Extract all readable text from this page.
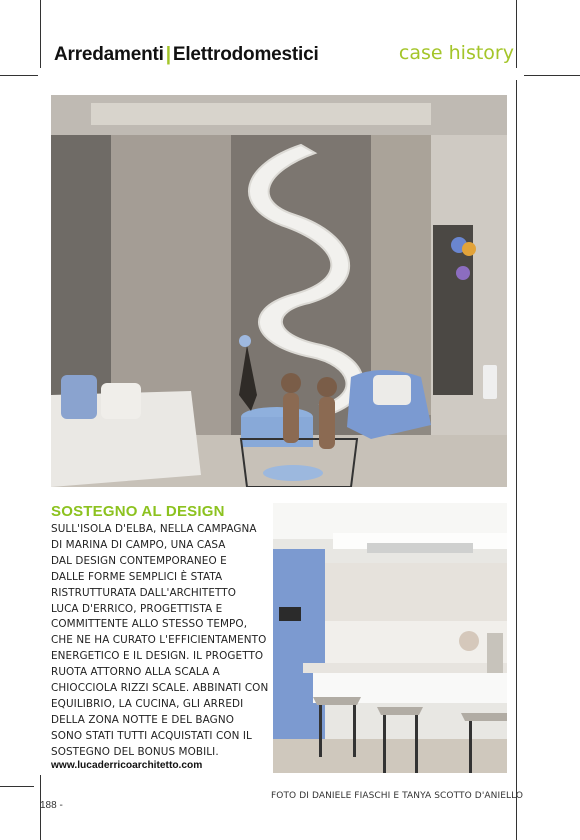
Arredamenti | Elettrodomestici	case history
SOSTEGNO AL DESIGN
SULL'ISOLA D'ELBA, NELLA CAMPAGNA
DI MARINA DI CAMPO, UNA CASA
DAL DESIGN CONTEMPORANEO E
DALLE FORME SEMPLICI È STATA
RISTRUTTURATA DALL'ARCHITETTO
LUCA D'ERRICO, PROGETTISTA E
COMMITTENTE ALLO STESSO TEMPO,
CHE NE HA CURATO L'EFFICIENTAMENTO
ENERGETICO E IL DESIGN. IL PROGETTO
RUOTA ATTORNO ALLA SCALA A
CHIOCCIOLA RIZZI SCALE. ABBINATI CON
EQUILIBRIO, LA CUCINA, GLI ARREDI
DELLA ZONA NOTTE E DEL BAGNO
SONO STATI TUTTI ACQUISTATI CON IL
SOSTEGNO DEL BONUS MOBILI.
www.lucaderricoarchitetto.com
FOTO DI DANIELE FIASCHI E TANYA SCOTTO D'ANIELLO
188 -
